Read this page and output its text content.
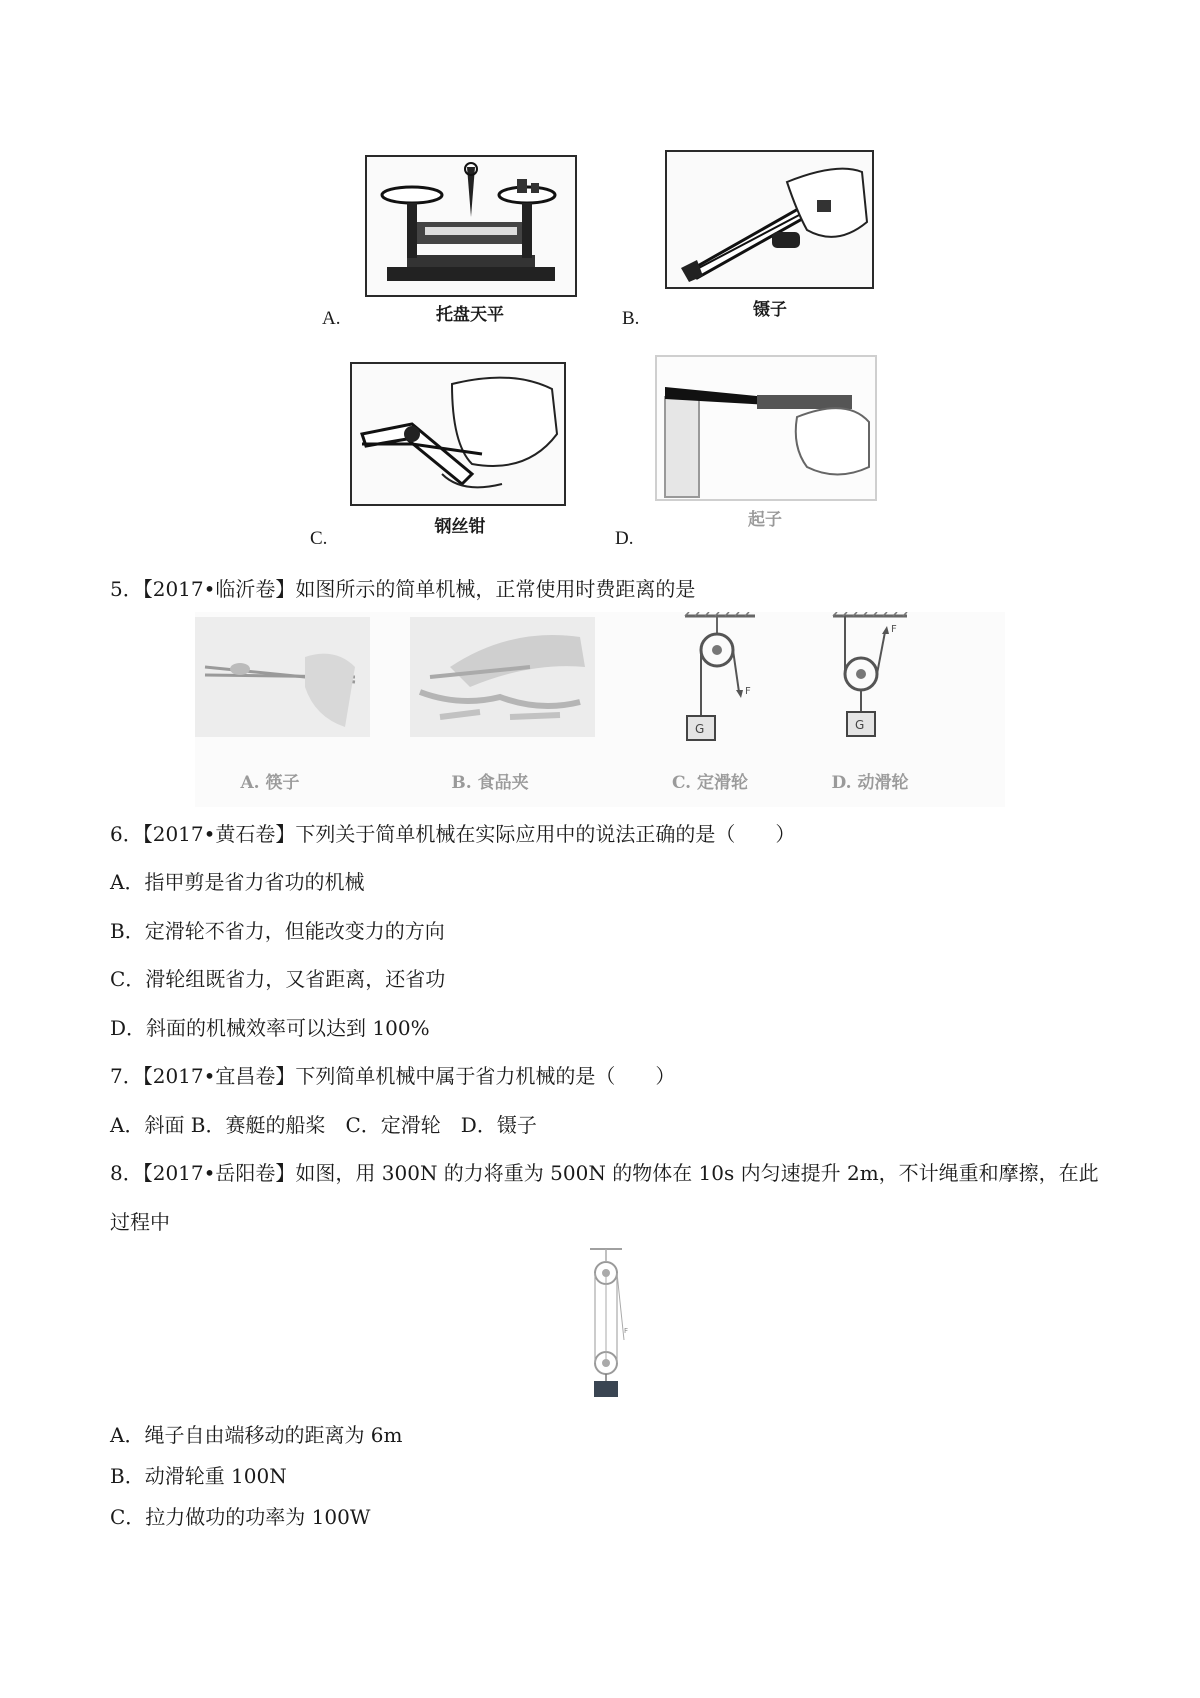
A.	托盘天平	B.	镊子
C.
钢丝钳
D.
起子
5．【2017•临沂卷】如图所示的简单机械，正常使用时费距离的是
F
G
F
G
A. 筷子	B. 食品夹	C. 定滑轮	D. 动滑轮
6．【2017•黄石卷】下列关于简单机械在实际应用中的说法正确的是（　　）
A．指甲剪是省力省功的机械
B．定滑轮不省力，但能改变力的方向
C．滑轮组既省力，又省距离，还省功
D．斜面的机械效率可以达到 100%
7．【2017•宜昌卷】下列简单机械中属于省力机械的是（　　）
A．斜面 B．赛艇的船桨　C．定滑轮　D．镊子
8．【2017•岳阳卷】如图，用 300N 的力将重为 500N 的物体在 10s 内匀速提升 2m，不计绳重和摩擦，在此
过程中
F
A．绳子自由端移动的距离为 6m
B．动滑轮重 100N
C．拉力做功的功率为 100W
